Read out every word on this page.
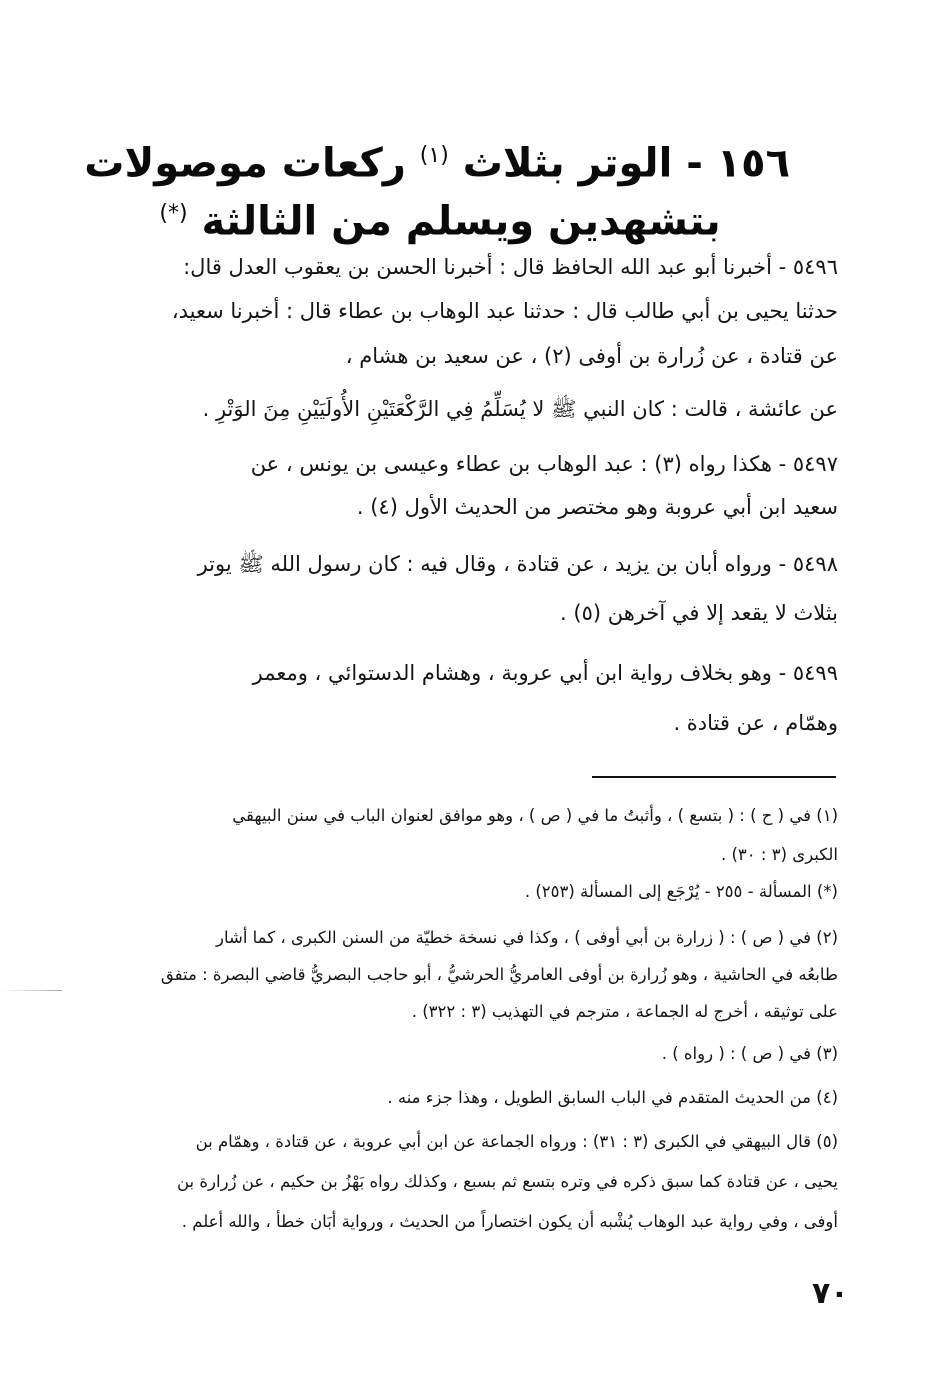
١٥٦ - الوتر بثلاث $^{(١)}$ ركعات موصولات
بتشهدين ويسلم من الثالثة (*)
٥٤٩٦ - أخبرنا أبو عبد الله الحافظ قال : أخبرنا الحسن بن يعقوب العدل قال:
حدثنا يحيى بن أبي طالب قال : حدثنا عبد الوهاب بن عطاء قال : أخبرنا سعيد،
عن قتادة ، عن زُرارة بن أوفى (٢) ، عن سعيد بن هشام ،
عن عائشة ، قالت : كان النبي ﷺ لا يُسَلِّمُ فِي الرَّكْعَتَيْنِ الأُولَيَيْنِ مِنَ الوَتْرِ .
٥٤٩٧ - هكذا رواه (٣) : عبد الوهاب بن عطاء وعيسى بن يونس ، عن
سعيد ابن أبي عروبة وهو مختصر من الحديث الأول (٤) .
٥٤٩٨ - ورواه أبان بن يزيد ، عن قتادة ، وقال فيه : كان رسول الله ﷺ يوتر
بثلاث لا يقعد إلا في آخرهن (٥) .
٥٤٩٩ - وهو بخلاف رواية ابن أبي عروبة ، وهشام الدستوائي ، ومعمر
وهمّام ، عن قتادة .
(١) في ( ح ) : ( بتسع ) ، وأثبتُ ما في ( ص ) ، وهو موافق لعنوان الباب في سنن البيهقي
الكبرى (٣ : ٣٠) .
(*) المسألة - ٢٥٥ - يُرْجَع إلى المسألة (٢٥٣) .
(٢) في ( ص ) : ( زرارة بن أبي أوفى ) ، وكذا في نسخة خطيّة من السنن الكبرى ، كما أشار
طابعُه في الحاشية ، وهو زُرارة بن أوفى العامريُّ الحرشيُّ ، أبو حاجب البصريُّ قاضي البصرة : متفق
على توثيقه ، أخرج له الجماعة ، مترجم في التهذيب (٣ : ٣٢٢) .
(٣) في ( ص ) : ( رواه ) .
(٤) من الحديث المتقدم في الباب السابق الطويل ، وهذا جزء منه .
(٥) قال البيهقي في الكبرى (٣ : ٣١) : ورواه الجماعة عن ابن أبي عروبة ، عن قتادة ، وهمّام بن
يحيى ، عن قتادة كما سبق ذكره في وتره بتسع ثم بسبع ، وكذلك رواه بَهْزُ بن حكيم ، عن زُرارة بن
أوفى ، وفي رواية عبد الوهاب يُشْبه أن يكون اختصاراً من الحديث ، ورواية أبَان خطأ ، والله أعلم .
٧٠
